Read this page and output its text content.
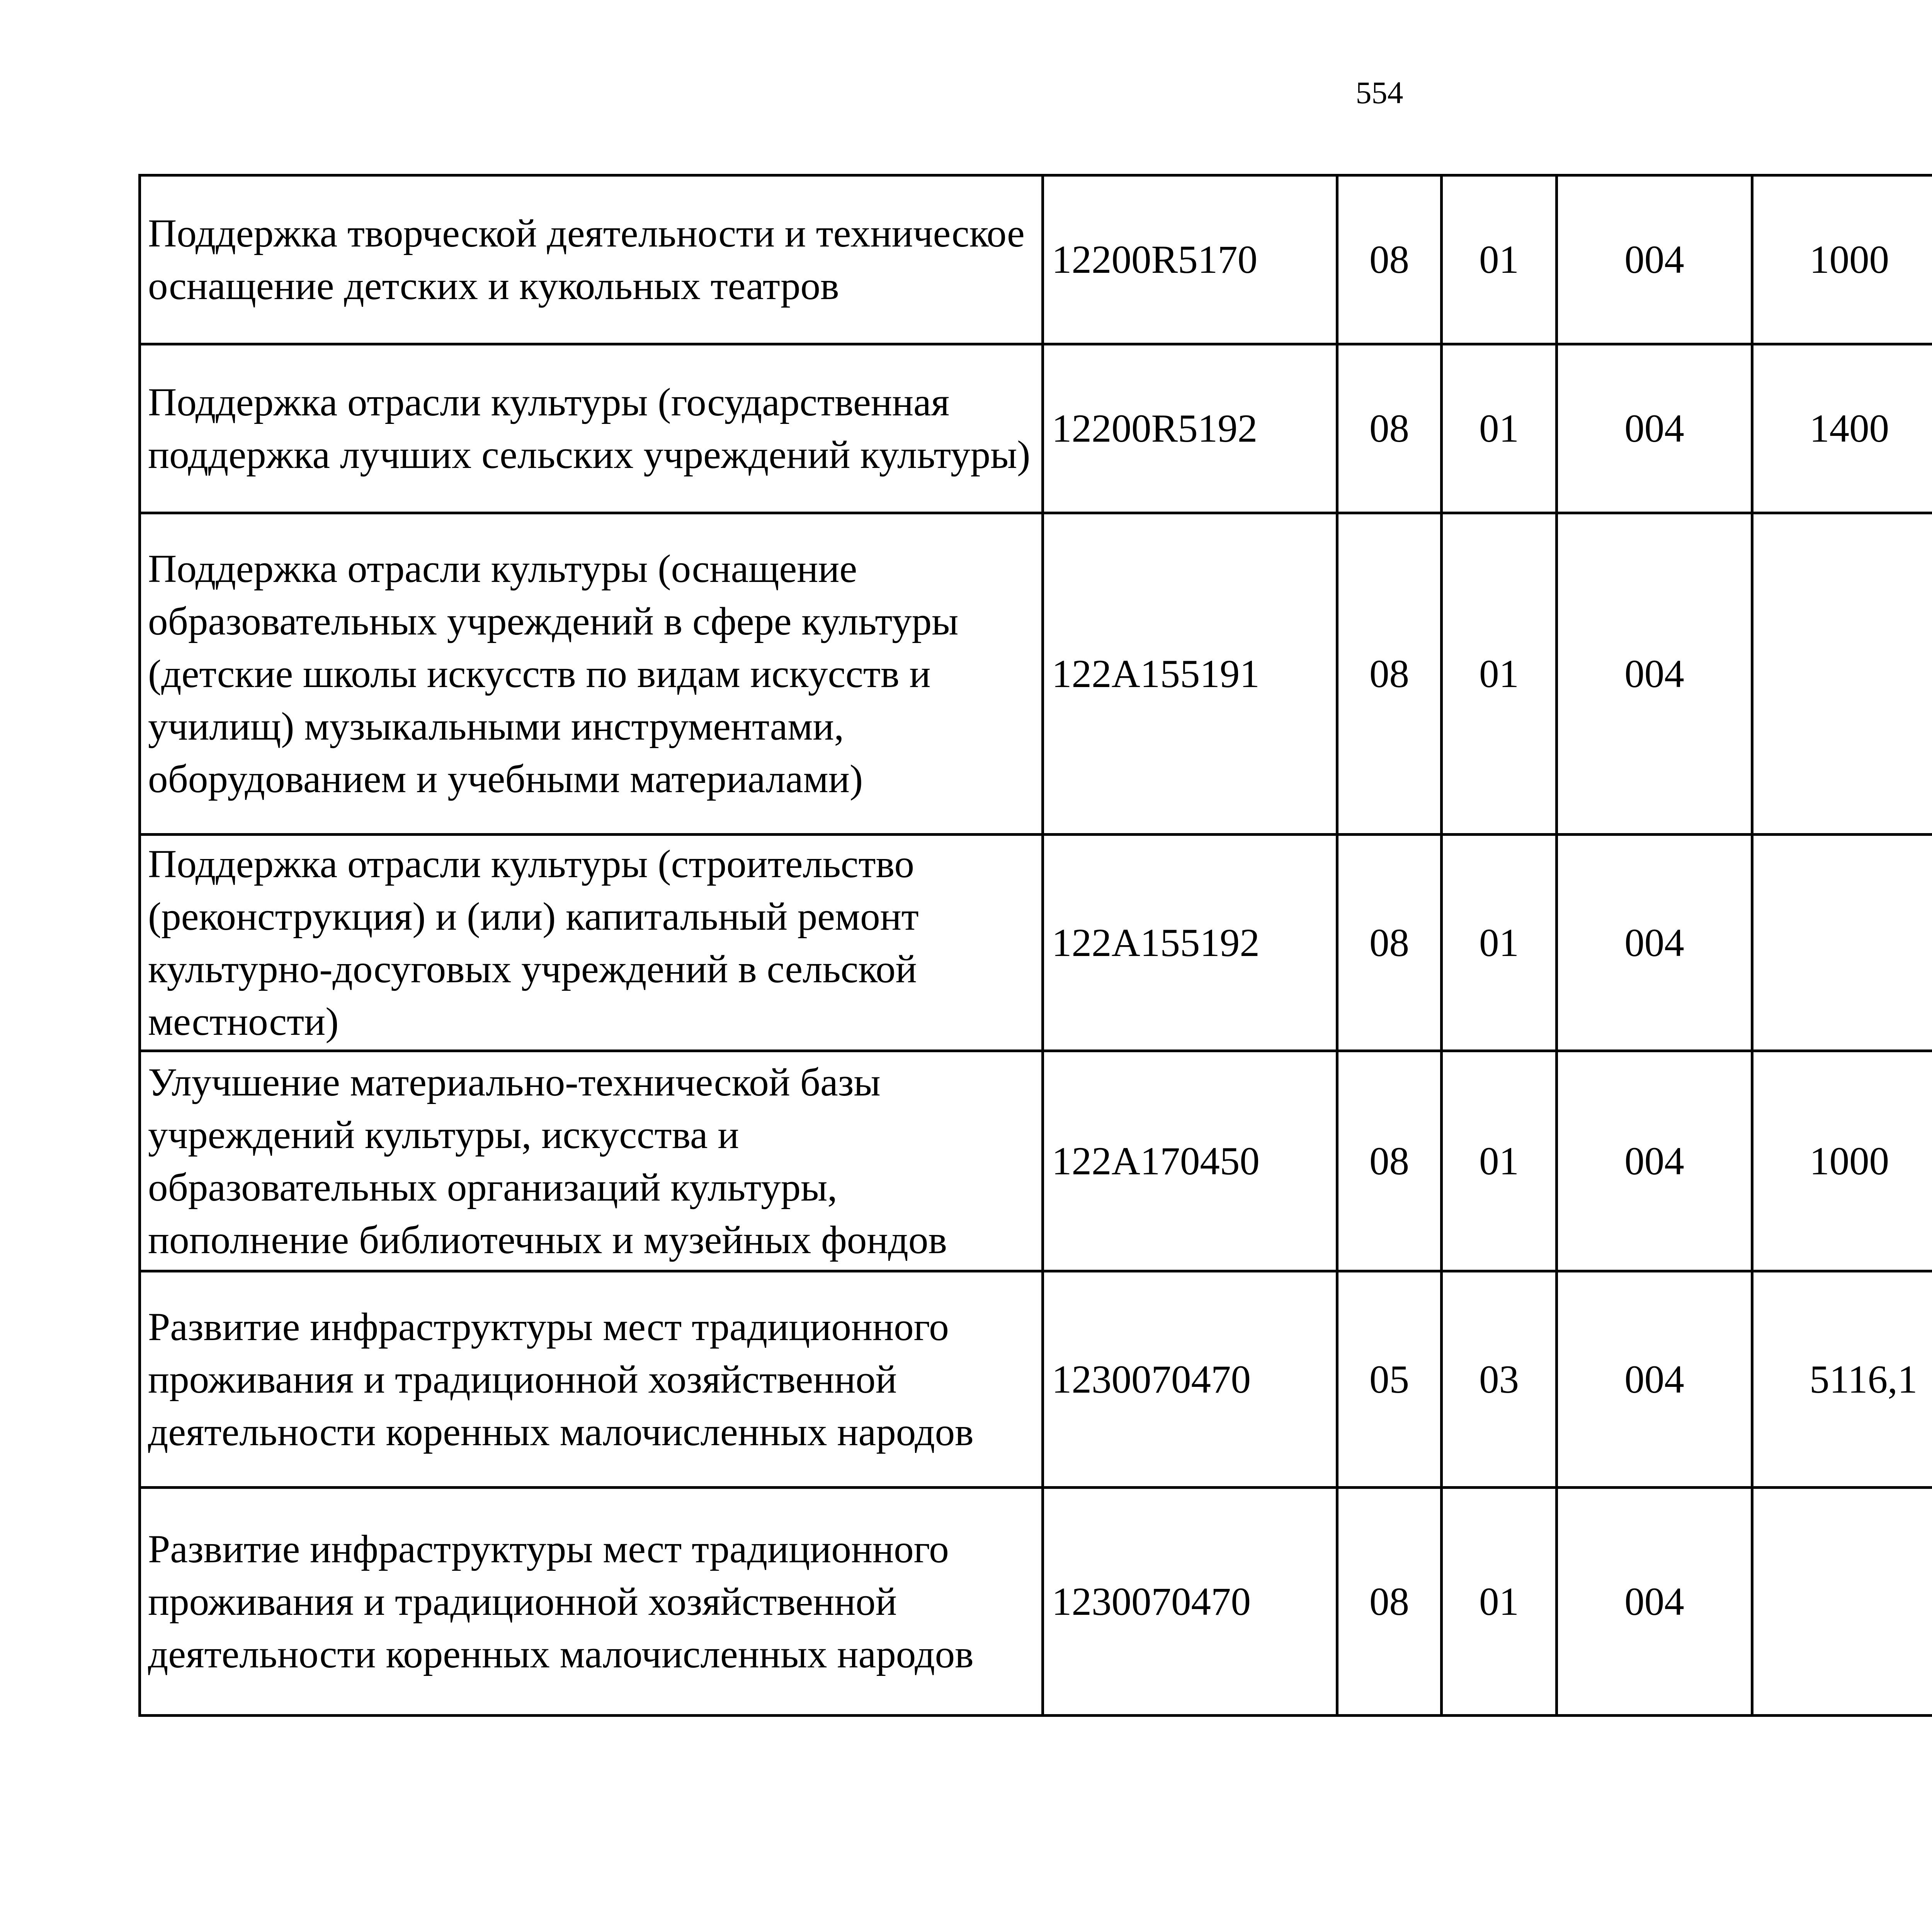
554
Поддержка творческой деятельности и техническое оснащение детских и кукольных театров	12200R5170	08	01	004	1000		
Поддержка отрасли культуры (государственная поддержка лучших сельских учреждений культуры)	12200R5192	08	01	004	1400		
Поддержка отрасли культуры (оснащение образовательных учреждений в сфере культуры (детские школы искусств по видам искусств и училищ) музыкальными инструментами, оборудованием и учебными материалами)	122A155191	08	01	004			
Поддержка отрасли культуры (строительство (реконструкция) и (или) капитальный ремонт культурно-досуговых учреждений в сельской местности)	122A155192	08	01	004			
Улучшение материально-технической базы учреждений культуры, искусства и образовательных организаций культуры, пополнение библиотечных и музейных фондов	122A170450	08	01	004	1000		
Развитие инфраструктуры мест традиционного проживания и традиционной хозяйственной деятельности коренных малочисленных народов	1230070470	05	03	004	5116,1		
Развитие инфраструктуры мест традиционного проживания и традиционной хозяйственной деятельности коренных малочисленных народов	1230070470	08	01	004			
